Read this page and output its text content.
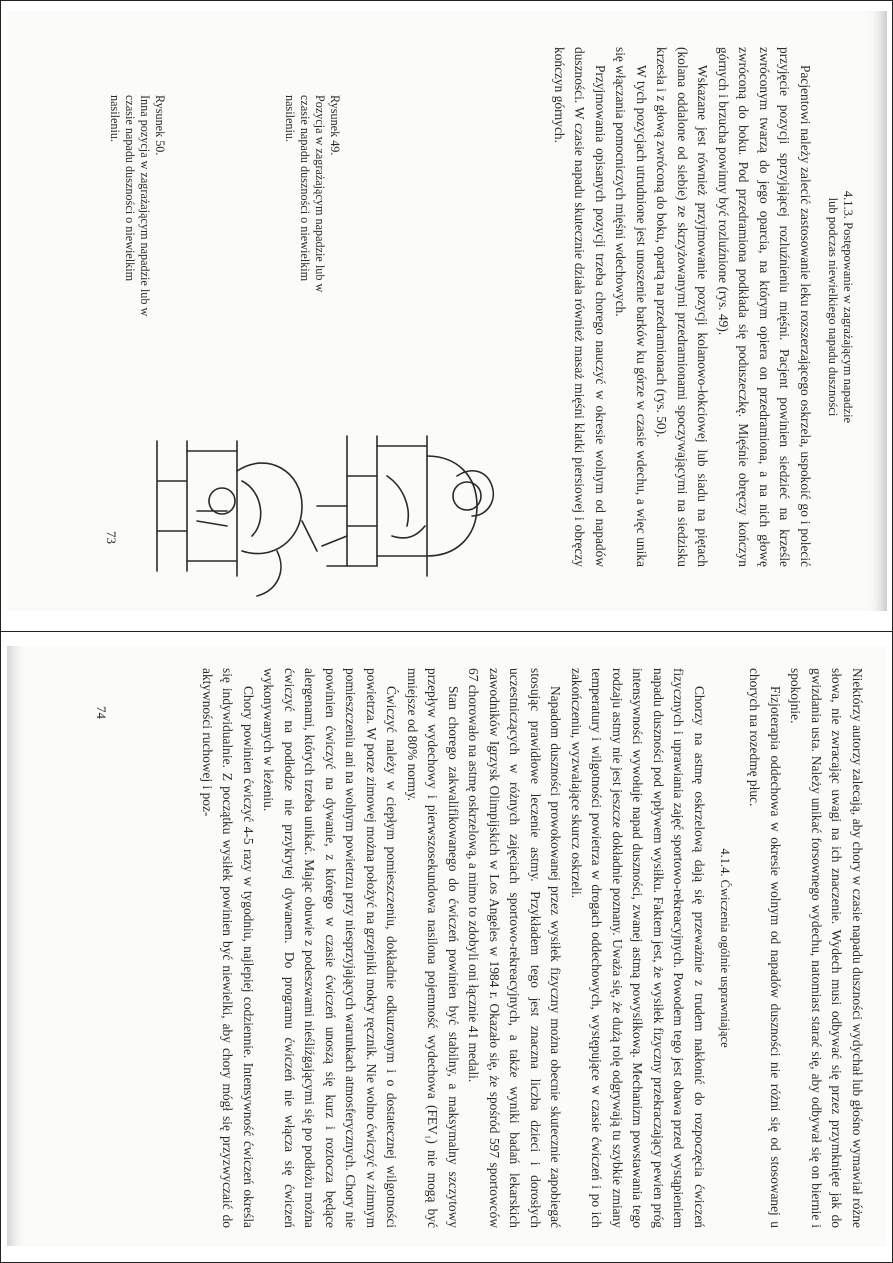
4.1.3. Postępowanie w zagrażającym napadzie
lub podczas niewielkiego napadu duszności

Pacjentowi należy zalecić zastosowanie leku rozszerzającego oskrzela, uspokoić go i polecić przyjęcie pozycji sprzyjającej rozluźnieniu mięśni. Pacjent powinien siedzieć na krześle zwróconym twarzą do jego oparcia, na którym opiera on przedramiona, a na nich głowę zwróconą do boku. Pod przedramiona podkłada się poduszeczkę. Mięśnie obręczy kończyn górnych i brzucha powinny być rozluźnione (rys. 49).

Wskazane jest również przyjmowanie pozycji kolanowo-łokciowej lub siadu na piętach (kolana oddalone od siebie) ze skrzyżowanymi przedramionami spoczywającymi na siedzisku krzesła i z głową zwróconą do boku, opartą na przedramionach (rys. 50).

W tych pozycjach utrudnione jest unoszenie barków ku górze w czasie wdechu, a więc unika się włączania pomocniczych mięśni wdechowych.

Przyjmowania opisanych pozycji trzeba chorego nauczyć w okresie wolnym od napadów duszności. W czasie napadu skutecznie działa również masaż mięśni klatki piersiowej i obręczy kończyn górnych.

Rysunek 49.
Pozycja w zagrażającym napadzie lub w czasie napadu duszności o niewielkim nasileniu.
Rysunek 50.
Inna pozycja w zagrażającym napadzie lub w czasie napadu duszności o niewielkim nasileniu.
73

Niektórzy autorzy zalecają, aby chory w czasie napadu duszności wydychał lub głośno wymawiał różne słowa, nie zwracając uwagi na ich znaczenie. Wydech musi odbywać się przez przymknięte jak do gwizdania usta. Należy unikać forsownego wydechu, natomiast starać się, aby odbywał się on biernie i spokojnie.

Fizjoterapia oddechowa w okresie wolnym od napadów duszności nie różni się od stosowanej u chorych na rozedmę płuc.

4.1.4. Ćwiczenia ogólnie usprawniające

Chorzy na astmę oskrzelową dają się przeważnie z trudem nakłonić do rozpoczęcia ćwiczeń fizycznych i uprawiania zajęć sportowo-rekreacyjnych. Powodem tego jest obawa przed wystąpieniem napadu duszności pod wpływem wysiłku. Faktem jest, że wysiłek fizyczny przekraczający pewien próg intensywności wywołuje napad duszności, zwanej astmą powysiłkową. Mechanizm powstawania tego rodzaju astmy nie jest jeszcze dokładnie poznany. Uważa się, że dużą rolę odgrywają tu szybkie zmiany temperatury i wilgotności powietrza w drogach oddechowych, występujące w czasie ćwiczeń i po ich zakończeniu, wyzwalające skurcz oskrzeli.

Napadom duszności prowokowanej przez wysiłek fizyczny można obecnie skutecznie zapobiegać stosując prawidłowe leczenie astmy. Przykładem tego jest znaczna liczba dzieci i dorosłych uczestniczących w różnych zajęciach sportowo-rekreacyjnych, a także wyniki badań lekarskich zawodników Igrzysk Olimpijskich w Los Angeles w 1984 r. Okazało się, że spośród 597 sportowców 67 chorowało na astmę oskrzelową, a mimo to zdobyli oni łącznie 41 medali.

Stan chorego zakwalifikowanego do ćwiczeń powinien być stabilny, a maksymalny szczytowy przepływ wydechowy i pierwszosekundowa nasilona pojemność wydechowa (FEV₁) nie mogą być mniejsze od 80% normy.

Ćwiczyć należy w ciepłym pomieszczeniu, dokładnie odkurzonym i o dostatecznej wilgotności powietrza. W porze zimowej można położyć na grzejniki mokry ręcznik. Nie wolno ćwiczyć w zimnym pomieszczeniu ani na wolnym powietrzu przy niesprzyjających warunkach atmosferycznych. Chory nie powinien ćwiczyć na dywanie, z którego w czasie ćwiczeń unoszą się kurz i roztocza będące alergenami, których trzeba unikać. Mając obuwie z podeszwami nieśliźgającymi się po podłożu można ćwiczyć na podłodze nie przykrytej dywanem. Do programu ćwiczeń nie włącza się ćwiczeń wykonywanych w leżeniu.

Chory powinien ćwiczyć 4-5 razy w tygodniu, najlepiej codziennie. Intensywność ćwiczeń określa się indywidualnie. Z początku wysiłek powinien być niewielki, aby chory mógł się przyzwyczaić do aktywności ruchowej i poz-

74
